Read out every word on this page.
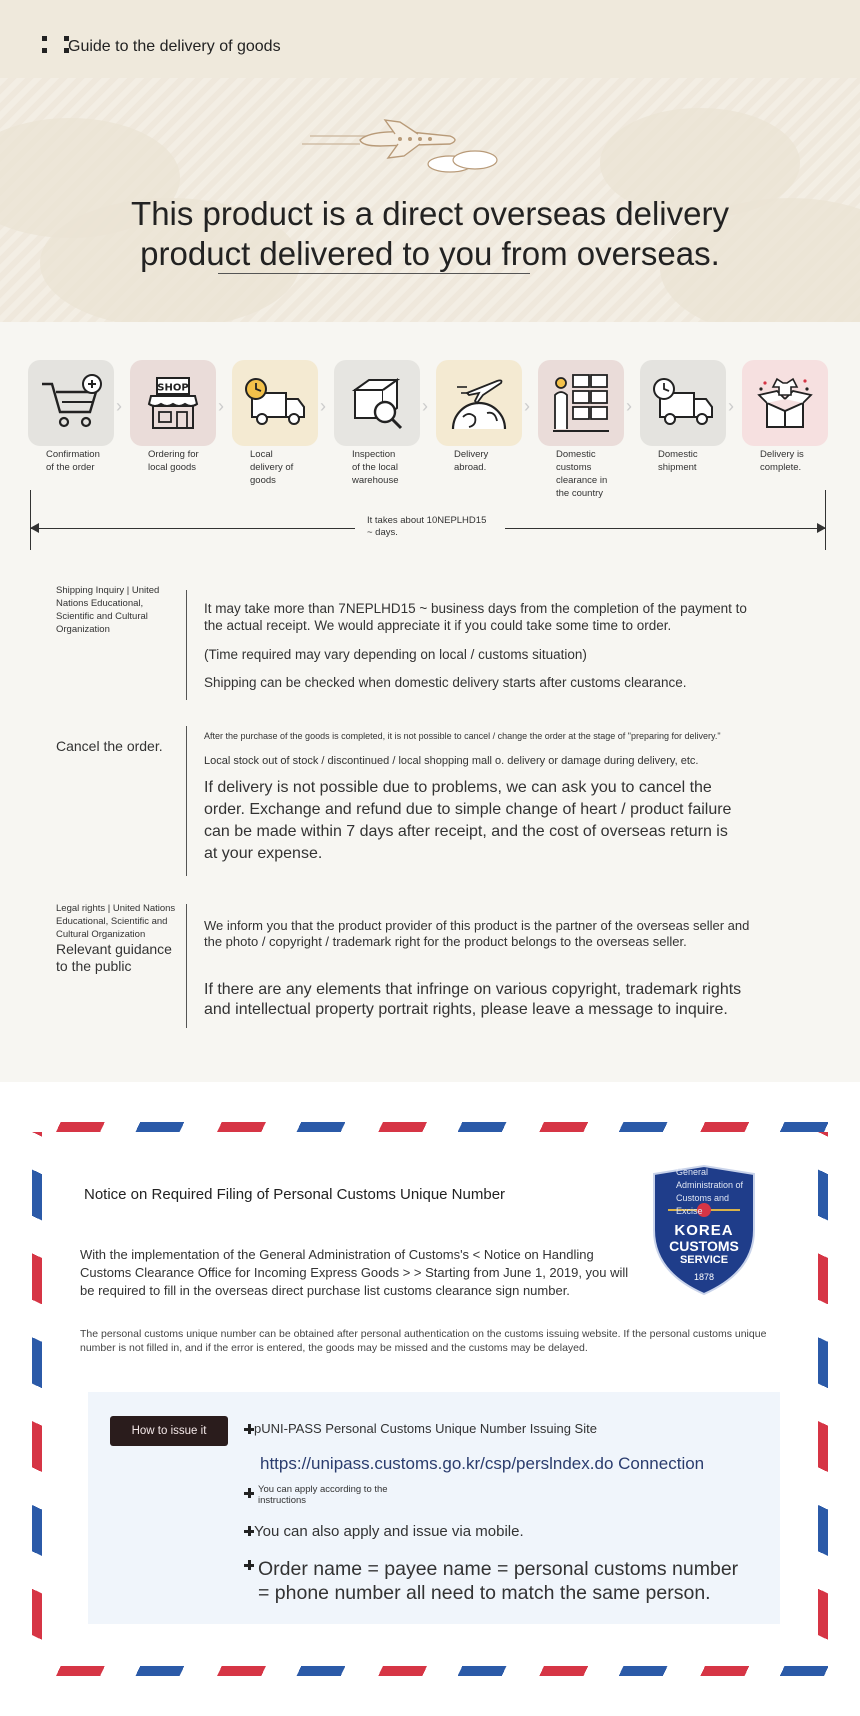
Guide to the delivery of goods
This product is a direct overseas delivery
product delivered to you from overseas.
Confirmation of the order
›
SHOP
Ordering for local goods
›
Local delivery of goods
›
Inspection of the local warehouse
›
Delivery abroad.
›
Domestic customs clearance in the country
›
Domestic shipment
›
Delivery is complete.
It takes about 10NEPLHD15 ~ days.
Shipping Inquiry | United Nations Educational, Scientific and Cultural Organization

It may take more than 7NEPLHD15 ~ business days from the completion of the payment to the actual receipt. We would appreciate it if you could take some time to order.

(Time required may vary depending on local / customs situation)

Shipping can be checked when domestic delivery starts after customs clearance.

Cancel the order.

After the purchase of the goods is completed, it is not possible to cancel / change the order at the stage of "preparing for delivery."

Local stock out of stock / discontinued / local shopping mall o. delivery or damage during delivery, etc.

If delivery is not possible due to problems, we can ask you to cancel the order. Exchange and refund due to simple change of heart / product failure can be made within 7 days after receipt, and the cost of overseas return is at your expense.

Legal rights | United Nations Educational, Scientific and Cultural Organization
Relevant guidance to the public

We inform you that the product provider of this product is the partner of the overseas seller and the photo / copyright / trademark right for the product belongs to the overseas seller.

If there are any elements that infringe on various copyright, trademark rights and intellectual property portrait rights, please leave a message to inquire.

Notice on Required Filing of Personal Customs Unique Number
With the implementation of the General Administration of Customs's < Notice on Handling Customs Clearance Office for Incoming Express Goods > > Starting from June 1, 2019, you will be required to fill in the overseas direct purchase list customs clearance sign number.
The personal customs unique number can be obtained after personal authentication on the customs issuing website. If the personal customs unique number is not filled in, and if the error is entered, the goods may be missed and the customs may be delayed.
General Administration of Customs and Excise
KOREA
CUSTOMS
SERVICE
1878
How to issue it	pUNI-PASS Personal Customs Unique Number Issuing Site
https://unipass.customs.go.kr/csp/perslndex.do Connection
You can apply according to the instructions
You can also apply and issue via mobile.
Order name = payee name = personal customs number
= phone number all need to match the same person.
